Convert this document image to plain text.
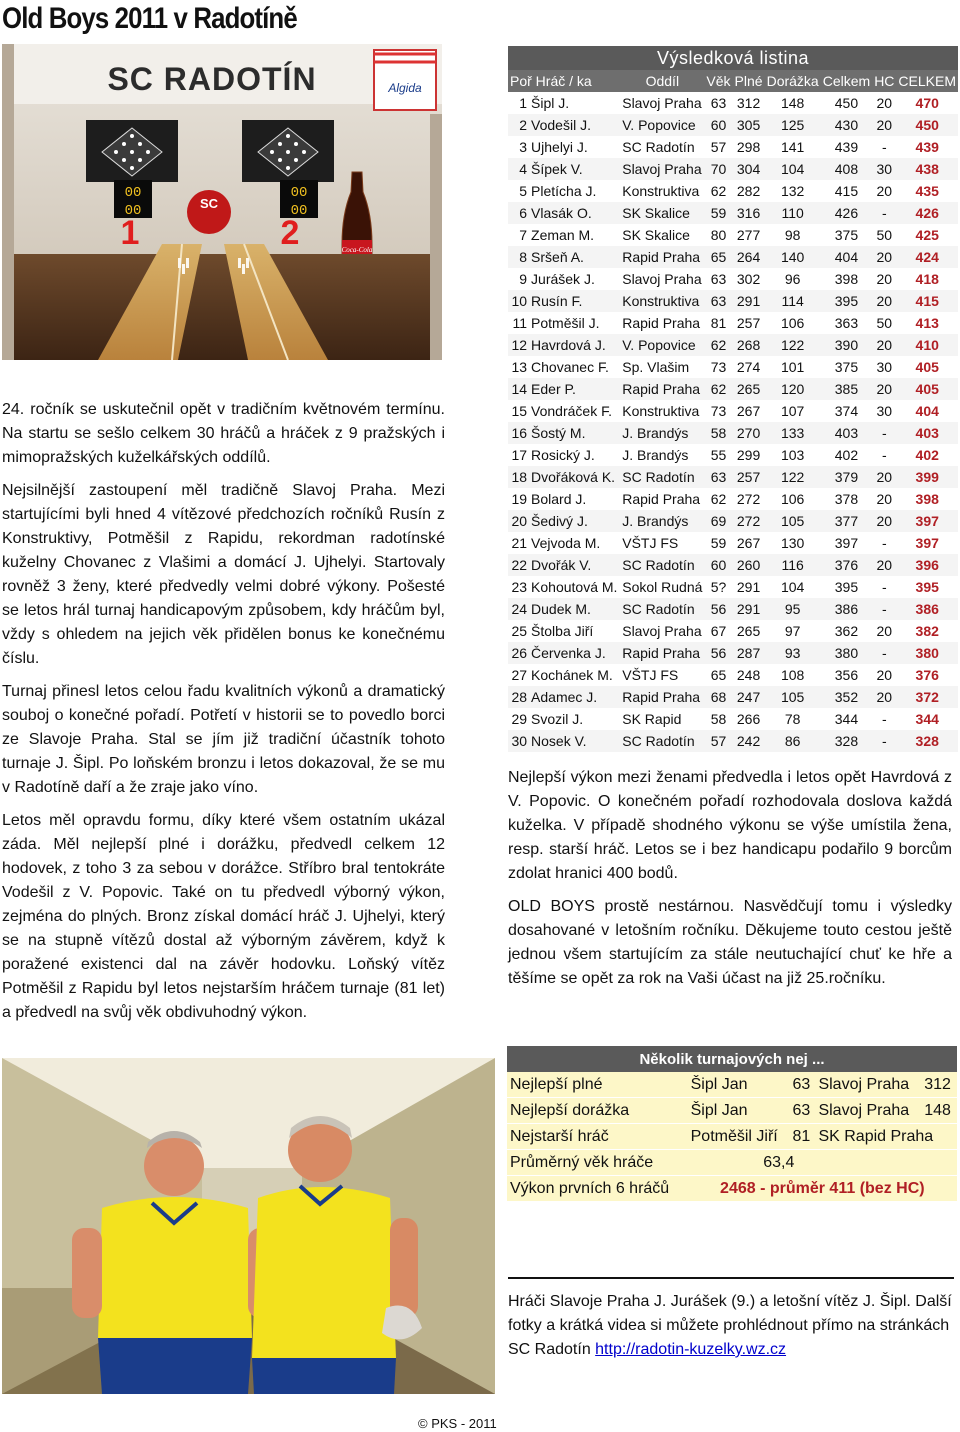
Old Boys 2011 v Radotíně
SC RADOTÍN	Algida
SC
00
00
00
00
1	2	Coca-Cola

24. ročník se uskutečnil opět v tradičním květnovém termínu. Na startu se sešlo celkem 30 hráčů a hráček z 9 pražských i mimopražských kuželkářských oddílů.

Nejsilnější zastoupení měl tradičně Slavoj Praha. Mezi startujícími byli hned 4 vítězové předchozích ročníků Rusín z Konstruktivy, Potměšil z Rapidu, rekordman radotínské kuželny Chovanec z Vlašimi a domácí J. Ujhelyi. Startovaly rovněž 3 ženy, které předvedly velmi dobré výkony. Pošesté se letos hrál turnaj handicapovým způsobem, kdy hráčům byl, vždy s ohledem na jejich věk přidělen bonus ke konečnému číslu.

Turnaj přinesl letos celou řadu kvalitních výkonů a dramatický souboj o konečné pořadí. Potřetí v historii se to povedlo borci ze Slavoje Praha. Stal se jím již tradiční účastník tohoto turnaje J. Šipl. Po loňském bronzu i letos dokazoval, že se mu v Radotíně daří a že zraje jako víno.

Letos měl opravdu formu, díky které všem ostatním ukázal záda. Měl nejlepší plné i dorážku, předvedl celkem 12 hodovek, z toho 3 za sebou v dorážce. Stříbro bral tentokráte Vodešil z V. Popovic. Také on tu předvedl výborný výkon, zejména do plných. Bronz získal domácí hráč J. Ujhelyi, který se na stupně vítězů dostal až výborným závěrem, když k poražené existenci dal na závěr hodovku. Loňský vítěz Potměšil z Rapidu byl letos nejstarším hráčem turnaje (81 let) a předvedl na svůj věk obdivuhodný výkon.

Výsledková listina								
Poř Hráč / ka		Oddíl	Věk	Plné	Dorážka	Celkem	HC	CELKEM
1	Šipl J.	Slavoj Praha	63	312	148	450	20	470
2	Vodešil J.	V. Popovice	60	305	125	430	20	450
3	Ujhelyi J.	SC Radotín	57	298	141	439	-	439
4	Šípek V.	Slavoj Praha	70	304	104	408	30	438
5	Pletícha J.	Konstruktiva	62	282	132	415	20	435
6	Vlasák O.	SK Skalice	59	316	110	426	-	426
7	Zeman M.	SK Skalice	80	277	98	375	50	425
8	Sršeň A.	Rapid Praha	65	264	140	404	20	424
9	Jurášek J.	Slavoj Praha	63	302	96	398	20	418
10	Rusín F.	Konstruktiva	63	291	114	395	20	415
11	Potměšil J.	Rapid Praha	81	257	106	363	50	413
12	Havrdová J.	V. Popovice	62	268	122	390	20	410
13	Chovanec F.	Sp. Vlašim	73	274	101	375	30	405
14	Eder P.	Rapid Praha	62	265	120	385	20	405
15	Vondráček F.	Konstruktiva	73	267	107	374	30	404
16	Šostý M.	J. Brandýs	58	270	133	403	-	403
17	Rosický J.	J. Brandýs	55	299	103	402	-	402
18	Dvořáková K.	SC Radotín	63	257	122	379	20	399
19	Bolard J.	Rapid Praha	62	272	106	378	20	398
20	Šedivý J.	J. Brandýs	69	272	105	377	20	397
21	Vejvoda M.	VŠTJ FS	59	267	130	397	-	397
22	Dvořák V.	SC Radotín	60	260	116	376	20	396
23	Kohoutová M.	Sokol Rudná	5?	291	104	395	-	395
24	Dudek M.	SC Radotín	56	291	95	386	-	386
25	Štolba Jiří	Slavoj Praha	67	265	97	362	20	382
26	Červenka J.	Rapid Praha	56	287	93	380	-	380
27	Kochánek M.	VŠTJ FS	65	248	108	356	20	376
28	Adamec J.	Rapid Praha	68	247	105	352	20	372
29	Svozil J.	SK Rapid	58	266	78	344	-	344
30	Nosek V.	SC Radotín	57	242	86	328	-	328

Nejlepší výkon mezi ženami předvedla i letos opět Havrdová z V. Popovic. O konečném pořadí rozhodovala doslova každá kuželka. V případě shodného výkonu se výše umístila žena, resp. starší hráč. Letos se i bez handicapu podařilo 9 borcům zdolat hranici 400 bodů.

OLD BOYS prostě nestárnou. Nasvědčují tomu i výsledky dosahované v letošním ročníku. Děkujeme touto cestou ještě jednou všem startujícím za stále neutuchající chuť ke hře a těšíme se opět za rok na Vaši účast na již 25.ročníku.

Několik turnajových nej ...				
Nejlepší plné	Šipl Jan	63	Slavoj Praha	312
Nejlepší dorážka	Šipl Jan	63	Slavoj Praha	148
Nejstarší hráč	Potměšil Jiří	81	SK Rapid Praha	
Průměrný věk hráče	63,4			
Výkon prvních 6 hráčů	2468 - průměr 411 (bez HC)			
Hráči Slavoje Praha J. Jurášek (9.) a letošní vítěz J. Šipl. Další fotky a krátká videa si můžete prohlédnout přímo na stránkách SC Radotín http://radotin-kuzelky.wz.cz
© PKS - 2011
